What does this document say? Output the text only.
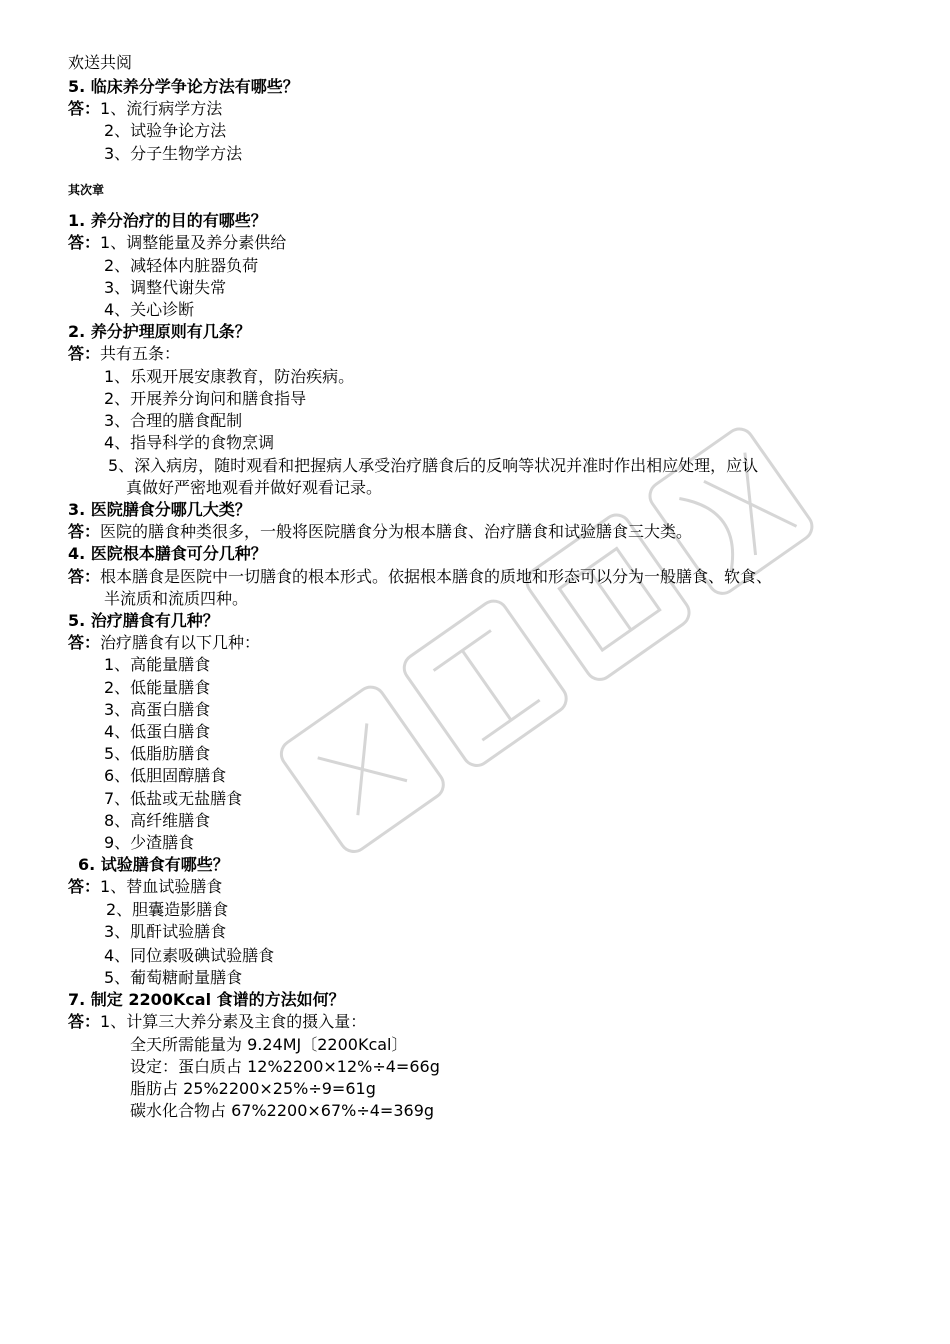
欢送共阅
5. 临床养分学争论方法有哪些？
答：1、流行病学方法
2、试验争论方法
3、分子生物学方法
其次章
1. 养分治疗的目的有哪些？
答：1、调整能量及养分素供给
2、减轻体内脏器负荷
3、调整代谢失常
4、关心诊断
2. 养分护理原则有几条？
答：共有五条：
1、乐观开展安康教育，防治疾病。
2、开展养分询问和膳食指导
3、合理的膳食配制
4、指导科学的食物烹调
5、深入病房，随时观看和把握病人承受治疗膳食后的反响等状况并准时作出相应处理，应认
真做好严密地观看并做好观看记录。
3. 医院膳食分哪几大类？
答：医院的膳食种类很多，一般将医院膳食分为根本膳食、治疗膳食和试验膳食三大类。
4. 医院根本膳食可分几种？
答：根本膳食是医院中一切膳食的根本形式。依据根本膳食的质地和形态可以分为一般膳食、软食、
半流质和流质四种。
5. 治疗膳食有几种？
答：治疗膳食有以下几种：
1、高能量膳食
2、低能量膳食
3、高蛋白膳食
4、低蛋白膳食
5、低脂肪膳食
6、低胆固醇膳食
7、低盐或无盐膳食
8、高纤维膳食
9、少渣膳食
6. 试验膳食有哪些？
答：1、替血试验膳食
2、胆囊造影膳食
3、肌酐试验膳食
4、同位素吸碘试验膳食
5、葡萄糖耐量膳食
7. 制定 2200Kcal 食谱的方法如何？
答：1、计算三大养分素及主食的摄入量：
全天所需能量为 9.24MJ〔2200Kcal〕
设定：蛋白质占 12%2200×12%÷4=66g
脂肪占 25%2200×25%÷9=61g
碳水化合物占 67%2200×67%÷4=369g
